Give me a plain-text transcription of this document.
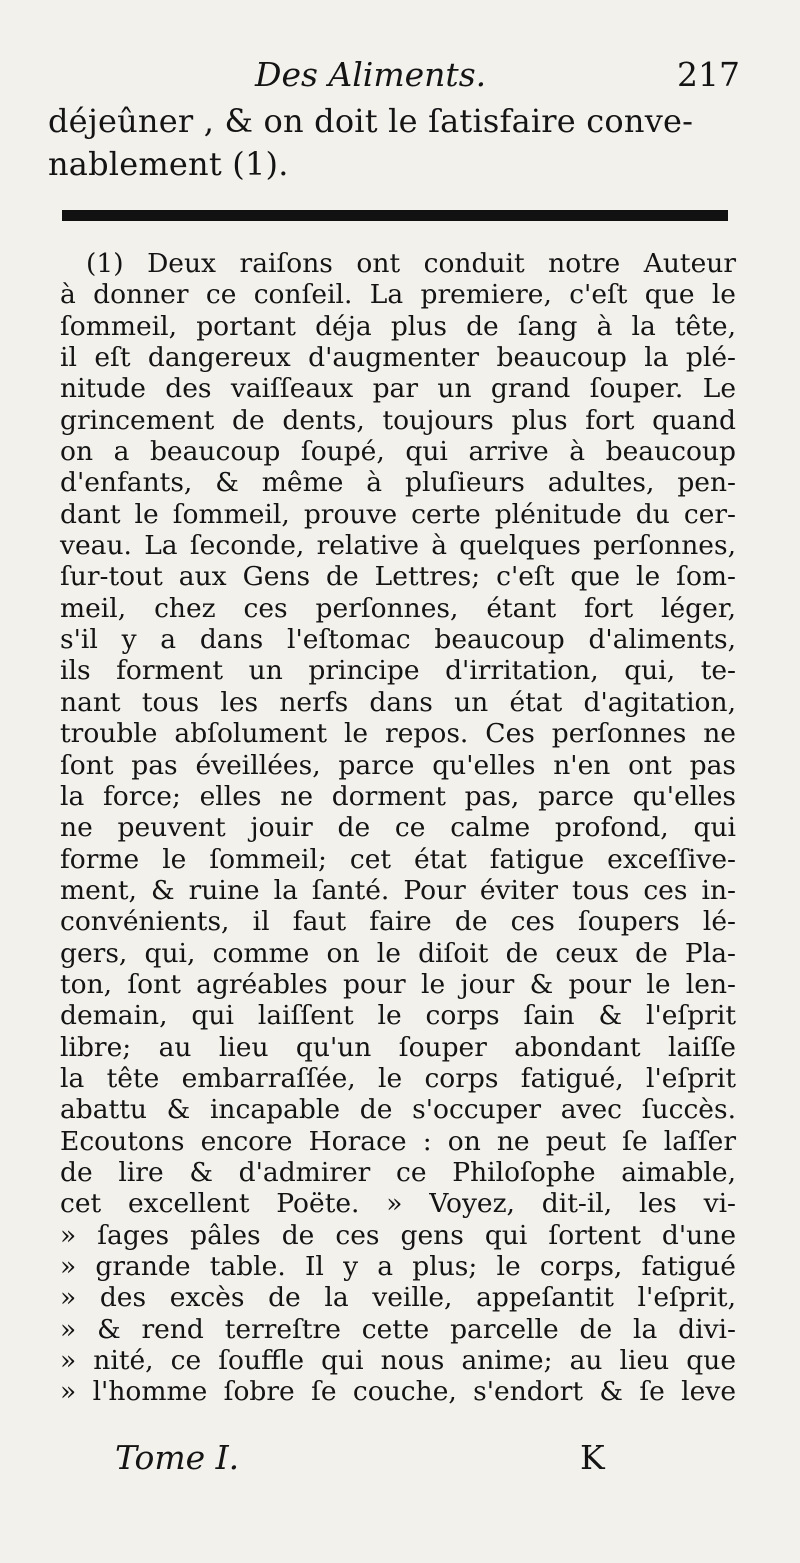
Des Aliments.	217
déjeûner , & on doit le ſatisfaire conve-
nablement (1).
(1) Deux raiſons ont conduit notre Auteur
à donner ce conſeil. La premiere, c'eſt que le
ſommeil, portant déja plus de ſang à la tête,
il eſt dangereux d'augmenter beaucoup la plé-
nitude des vaiſſeaux par un grand ſouper. Le
grincement de dents, toujours plus fort quand
on a beaucoup ſoupé, qui arrive à beaucoup
d'enfants, & même à pluſieurs adultes, pen-
dant le ſommeil, prouve certe plénitude du cer-
veau. La ſeconde, relative à quelques perſonnes,
ſur-tout aux Gens de Lettres; c'eſt que le ſom-
meil, chez ces perſonnes, étant fort léger,
s'il y a dans l'eſtomac beaucoup d'aliments,
ils forment un principe d'irritation, qui, te-
nant tous les nerfs dans un état d'agitation,
trouble abſolument le repos. Ces perſonnes ne
ſont pas éveillées, parce qu'elles n'en ont pas
la force; elles ne dorment pas, parce qu'elles
ne peuvent jouir de ce calme profond, qui
forme le ſommeil; cet état fatigue exceſſive-
ment, & ruine la ſanté. Pour éviter tous ces in-
convénients, il faut faire de ces ſoupers lé-
gers, qui, comme on le diſoit de ceux de Pla-
ton, ſont agréables pour le jour & pour le len-
demain, qui laiſſent le corps ſain & l'eſprit
libre; au lieu qu'un ſouper abondant laiſſe
la tête embarraſſée, le corps fatigué, l'eſprit
abattu & incapable de s'occuper avec ſuccès.
Ecoutons encore Horace : on ne peut ſe laſſer
de lire & d'admirer ce Philoſophe aimable,
cet excellent Poëte. » Voyez, dit-il, les vi-
» ſages pâles de ces gens qui ſortent d'une
» grande table. Il y a plus; le corps, fatigué
» des excès de la veille, appeſantit l'eſprit,
» & rend terreſtre cette parcelle de la divi-
» nité, ce ſouffle qui nous anime; au lieu que
» l'homme ſobre ſe couche, s'endort & ſe leve
Tome I.	K
